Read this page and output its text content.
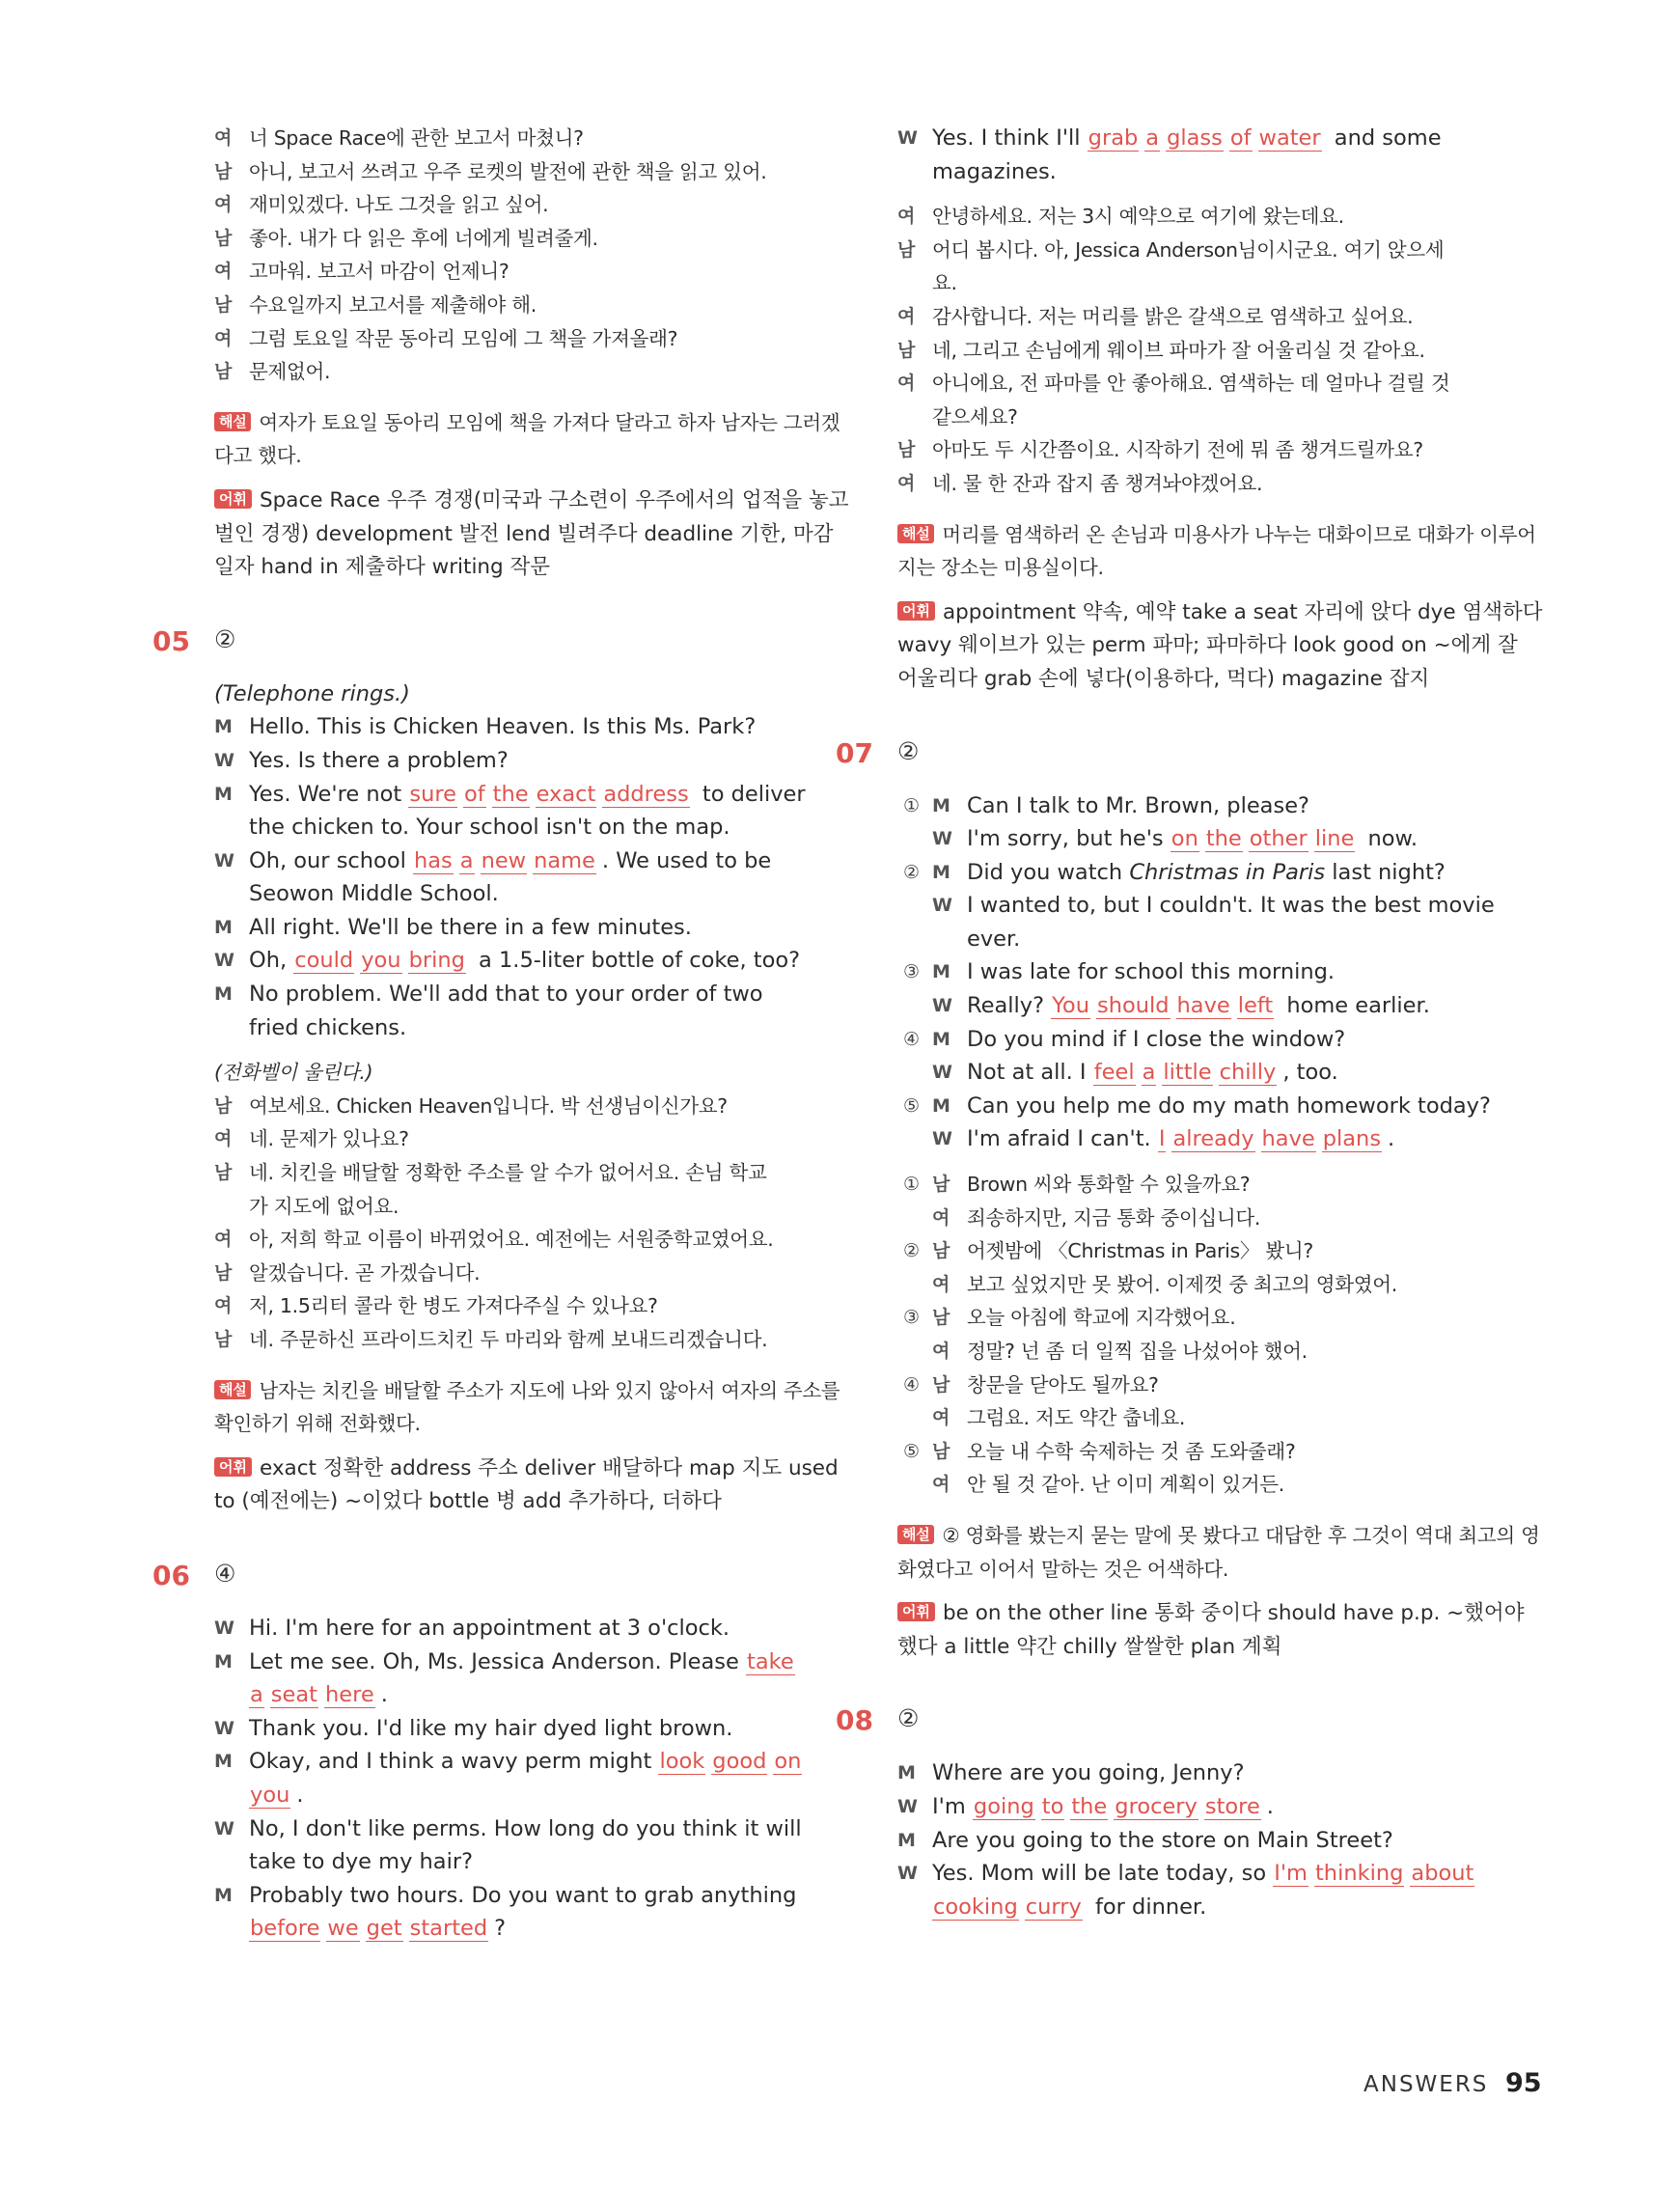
여 너 Space Race에 관한 보고서 마쳤니?
남 아니, 보고서 쓰려고 우주 로켓의 발전에 관한 책을 읽고 있어.
여 재미있겠다. 나도 그것을 읽고 싶어.
남 좋아. 내가 다 읽은 후에 너에게 빌려줄게.
여 고마워. 보고서 마감이 언제니?
남 수요일까지 보고서를 제출해야 해.
여 그럼 토요일 작문 동아리 모임에 그 책을 가져올래?
남 문제없어.
해설 여자가 토요일 동아리 모임에 책을 가져다 달라고 하자 남자는 그러겠다고 했다.
어휘 Space Race 우주 경쟁(미국과 구소련이 우주에서의 업적을 놓고 벌인 경쟁) development 발전 lend 빌려주다 deadline 기한, 마감 일자 hand in 제출하다 writing 작문
05 ②
(Telephone rings.)
M Hello. This is Chicken Heaven. Is this Ms. Park?
W Yes. Is there a problem?
M Yes. We're not sure of the exact address to deliver
the chicken to. Your school isn't on the map.
W Oh, our school has a new name . We used to be
Seowon Middle School.
M All right. We'll be there in a few minutes.
W Oh, could you bring a 1.5-liter bottle of coke, too?
M No problem. We'll add that to your order of two
fried chickens.
(전화벨이 울린다.)
남 여보세요. Chicken Heaven입니다. 박 선생님이신가요?
여 네. 문제가 있나요?
남 네. 치킨을 배달할 정확한 주소를 알 수가 없어서요. 손님 학교
가 지도에 없어요.
여 아, 저희 학교 이름이 바뀌었어요. 예전에는 서원중학교였어요.
남 알겠습니다. 곧 가겠습니다.
여 저, 1.5리터 콜라 한 병도 가져다주실 수 있나요?
남 네. 주문하신 프라이드치킨 두 마리와 함께 보내드리겠습니다.
해설 남자는 치킨을 배달할 주소가 지도에 나와 있지 않아서 여자의 주소를 확인하기 위해 전화했다.
어휘 exact 정확한 address 주소 deliver 배달하다 map 지도 used to (예전에는) ~이었다 bottle 병 add 추가하다, 더하다
06 ④
W Hi. I'm here for an appointment at 3 o'clock.
M Let me see. Oh, Ms. Jessica Anderson. Please take
a seat here .
W Thank you. I'd like my hair dyed light brown.
M Okay, and I think a wavy perm might look good on
you .
W No, I don't like perms. How long do you think it will
take to dye my hair?
M Probably two hours. Do you want to grab anything
before we get started ?
W Yes. I think I'll grab a glass of water and some
magazines.
여 안녕하세요. 저는 3시 예약으로 여기에 왔는데요.
남 어디 봅시다. 아, Jessica Anderson님이시군요. 여기 앉으세
요.
여 감사합니다. 저는 머리를 밝은 갈색으로 염색하고 싶어요.
남 네, 그리고 손님에게 웨이브 파마가 잘 어울리실 것 같아요.
여 아니에요, 전 파마를 안 좋아해요. 염색하는 데 얼마나 걸릴 것
같으세요?
남 아마도 두 시간쯤이요. 시작하기 전에 뭐 좀 챙겨드릴까요?
여 네. 물 한 잔과 잡지 좀 챙겨놔야겠어요.
해설 머리를 염색하러 온 손님과 미용사가 나누는 대화이므로 대화가 이루어지는 장소는 미용실이다.
어휘 appointment 약속, 예약 take a seat 자리에 앉다 dye 염색하다 wavy 웨이브가 있는 perm 파마; 파마하다 look good on ~에게 잘 어울리다 grab 손에 넣다(이용하다, 먹다) magazine 잡지
07 ②
① M Can I talk to Mr. Brown, please?
W I'm sorry, but he's on the other line now.
② M Did you watch Christmas in Paris last night?
W I wanted to, but I couldn't. It was the best movie
ever.
③ M I was late for school this morning.
W Really? You should have left home earlier.
④ M Do you mind if I close the window?
W Not at all. I feel a little chilly , too.
⑤ M Can you help me do my math homework today?
W I'm afraid I can't. I already have plans .
① 남 Brown 씨와 통화할 수 있을까요?
여 죄송하지만, 지금 통화 중이십니다.
② 남 어젯밤에 〈Christmas in Paris〉 봤니?
여 보고 싶었지만 못 봤어. 이제껏 중 최고의 영화였어.
③ 남 오늘 아침에 학교에 지각했어요.
여 정말? 넌 좀 더 일찍 집을 나섰어야 했어.
④ 남 창문을 닫아도 될까요?
여 그럼요. 저도 약간 춥네요.
⑤ 남 오늘 내 수학 숙제하는 것 좀 도와줄래?
여 안 될 것 같아. 난 이미 계획이 있거든.
해설 ② 영화를 봤는지 묻는 말에 못 봤다고 대답한 후 그것이 역대 최고의 영화였다고 이어서 말하는 것은 어색하다.
어휘 be on the other line 통화 중이다 should have p.p. ~했어야 했다 a little 약간 chilly 쌀쌀한 plan 계획
08 ②
M Where are you going, Jenny?
W I'm going to the grocery store .
M Are you going to the store on Main Street?
W Yes. Mom will be late today, so I'm thinking about
cooking curry for dinner.
ANSWERS 95
